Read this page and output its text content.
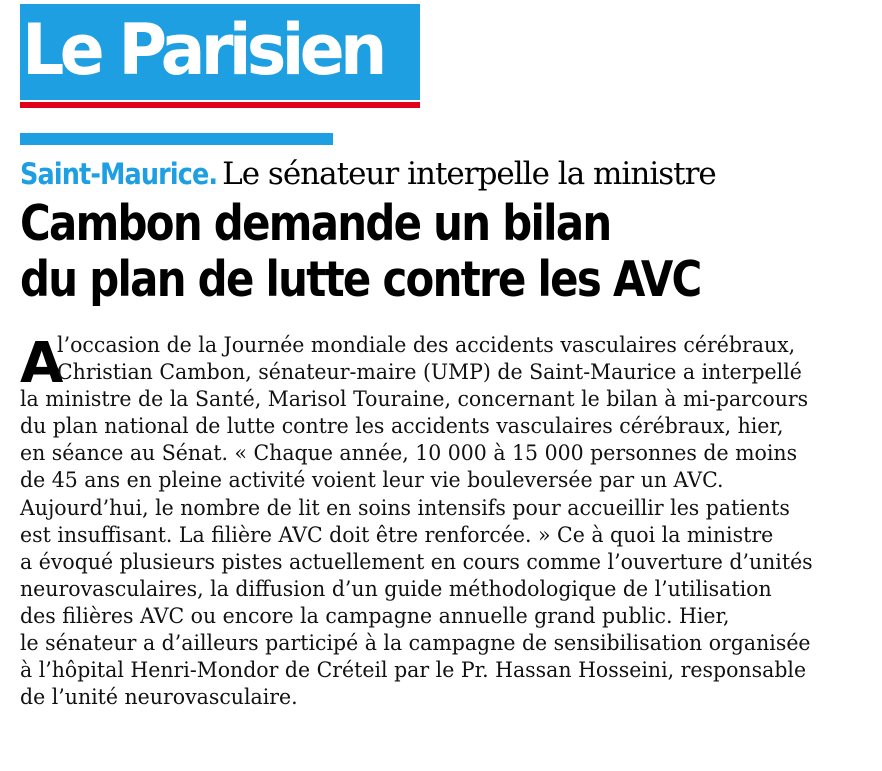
Le Parisien
Saint-Maurice. Le sénateur interpelle la ministre
Cambon demande un bilan
du plan de lutte contre les AVC
A
l’occasion de la Journée mondiale des accidents vasculaires cérébraux,
Christian Cambon, sénateur-maire (UMP) de Saint-Maurice a interpellé
la ministre de la Santé, Marisol Touraine, concernant le bilan à mi-parcours
du plan national de lutte contre les accidents vasculaires cérébraux, hier,
en séance au Sénat. « Chaque année, 10 000 à 15 000 personnes de moins
de 45 ans en pleine activité voient leur vie bouleversée par un AVC.
Aujourd’hui, le nombre de lit en soins intensifs pour accueillir les patients
est insuffisant. La filière AVC doit être renforcée. » Ce à quoi la ministre
a évoqué plusieurs pistes actuellement en cours comme l’ouverture d’unités
neurovasculaires, la diffusion d’un guide méthodologique de l’utilisation
des filières AVC ou encore la campagne annuelle grand public. Hier,
le sénateur a d’ailleurs participé à la campagne de sensibilisation organisée
à l’hôpital Henri-Mondor de Créteil par le Pr. Hassan Hosseini, responsable
de l’unité neurovasculaire.
